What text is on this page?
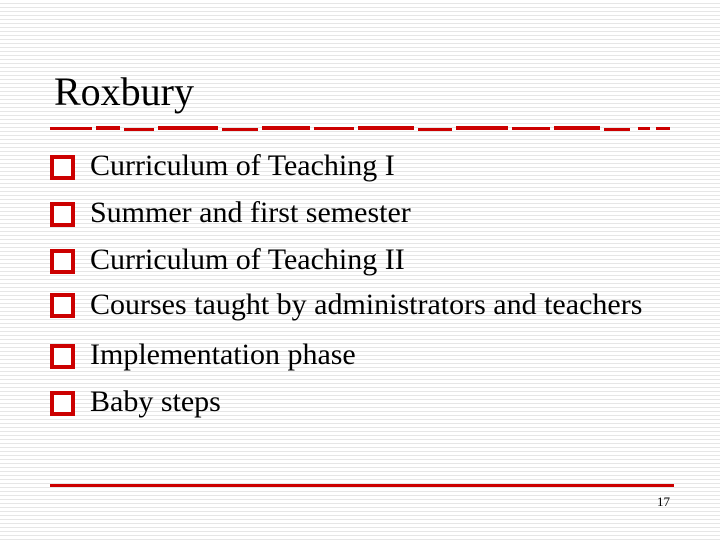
Roxbury
Curriculum of Teaching I
Summer and first semester
Curriculum of Teaching II
Courses taught by administrators and teachers
Implementation phase
Baby steps
17
